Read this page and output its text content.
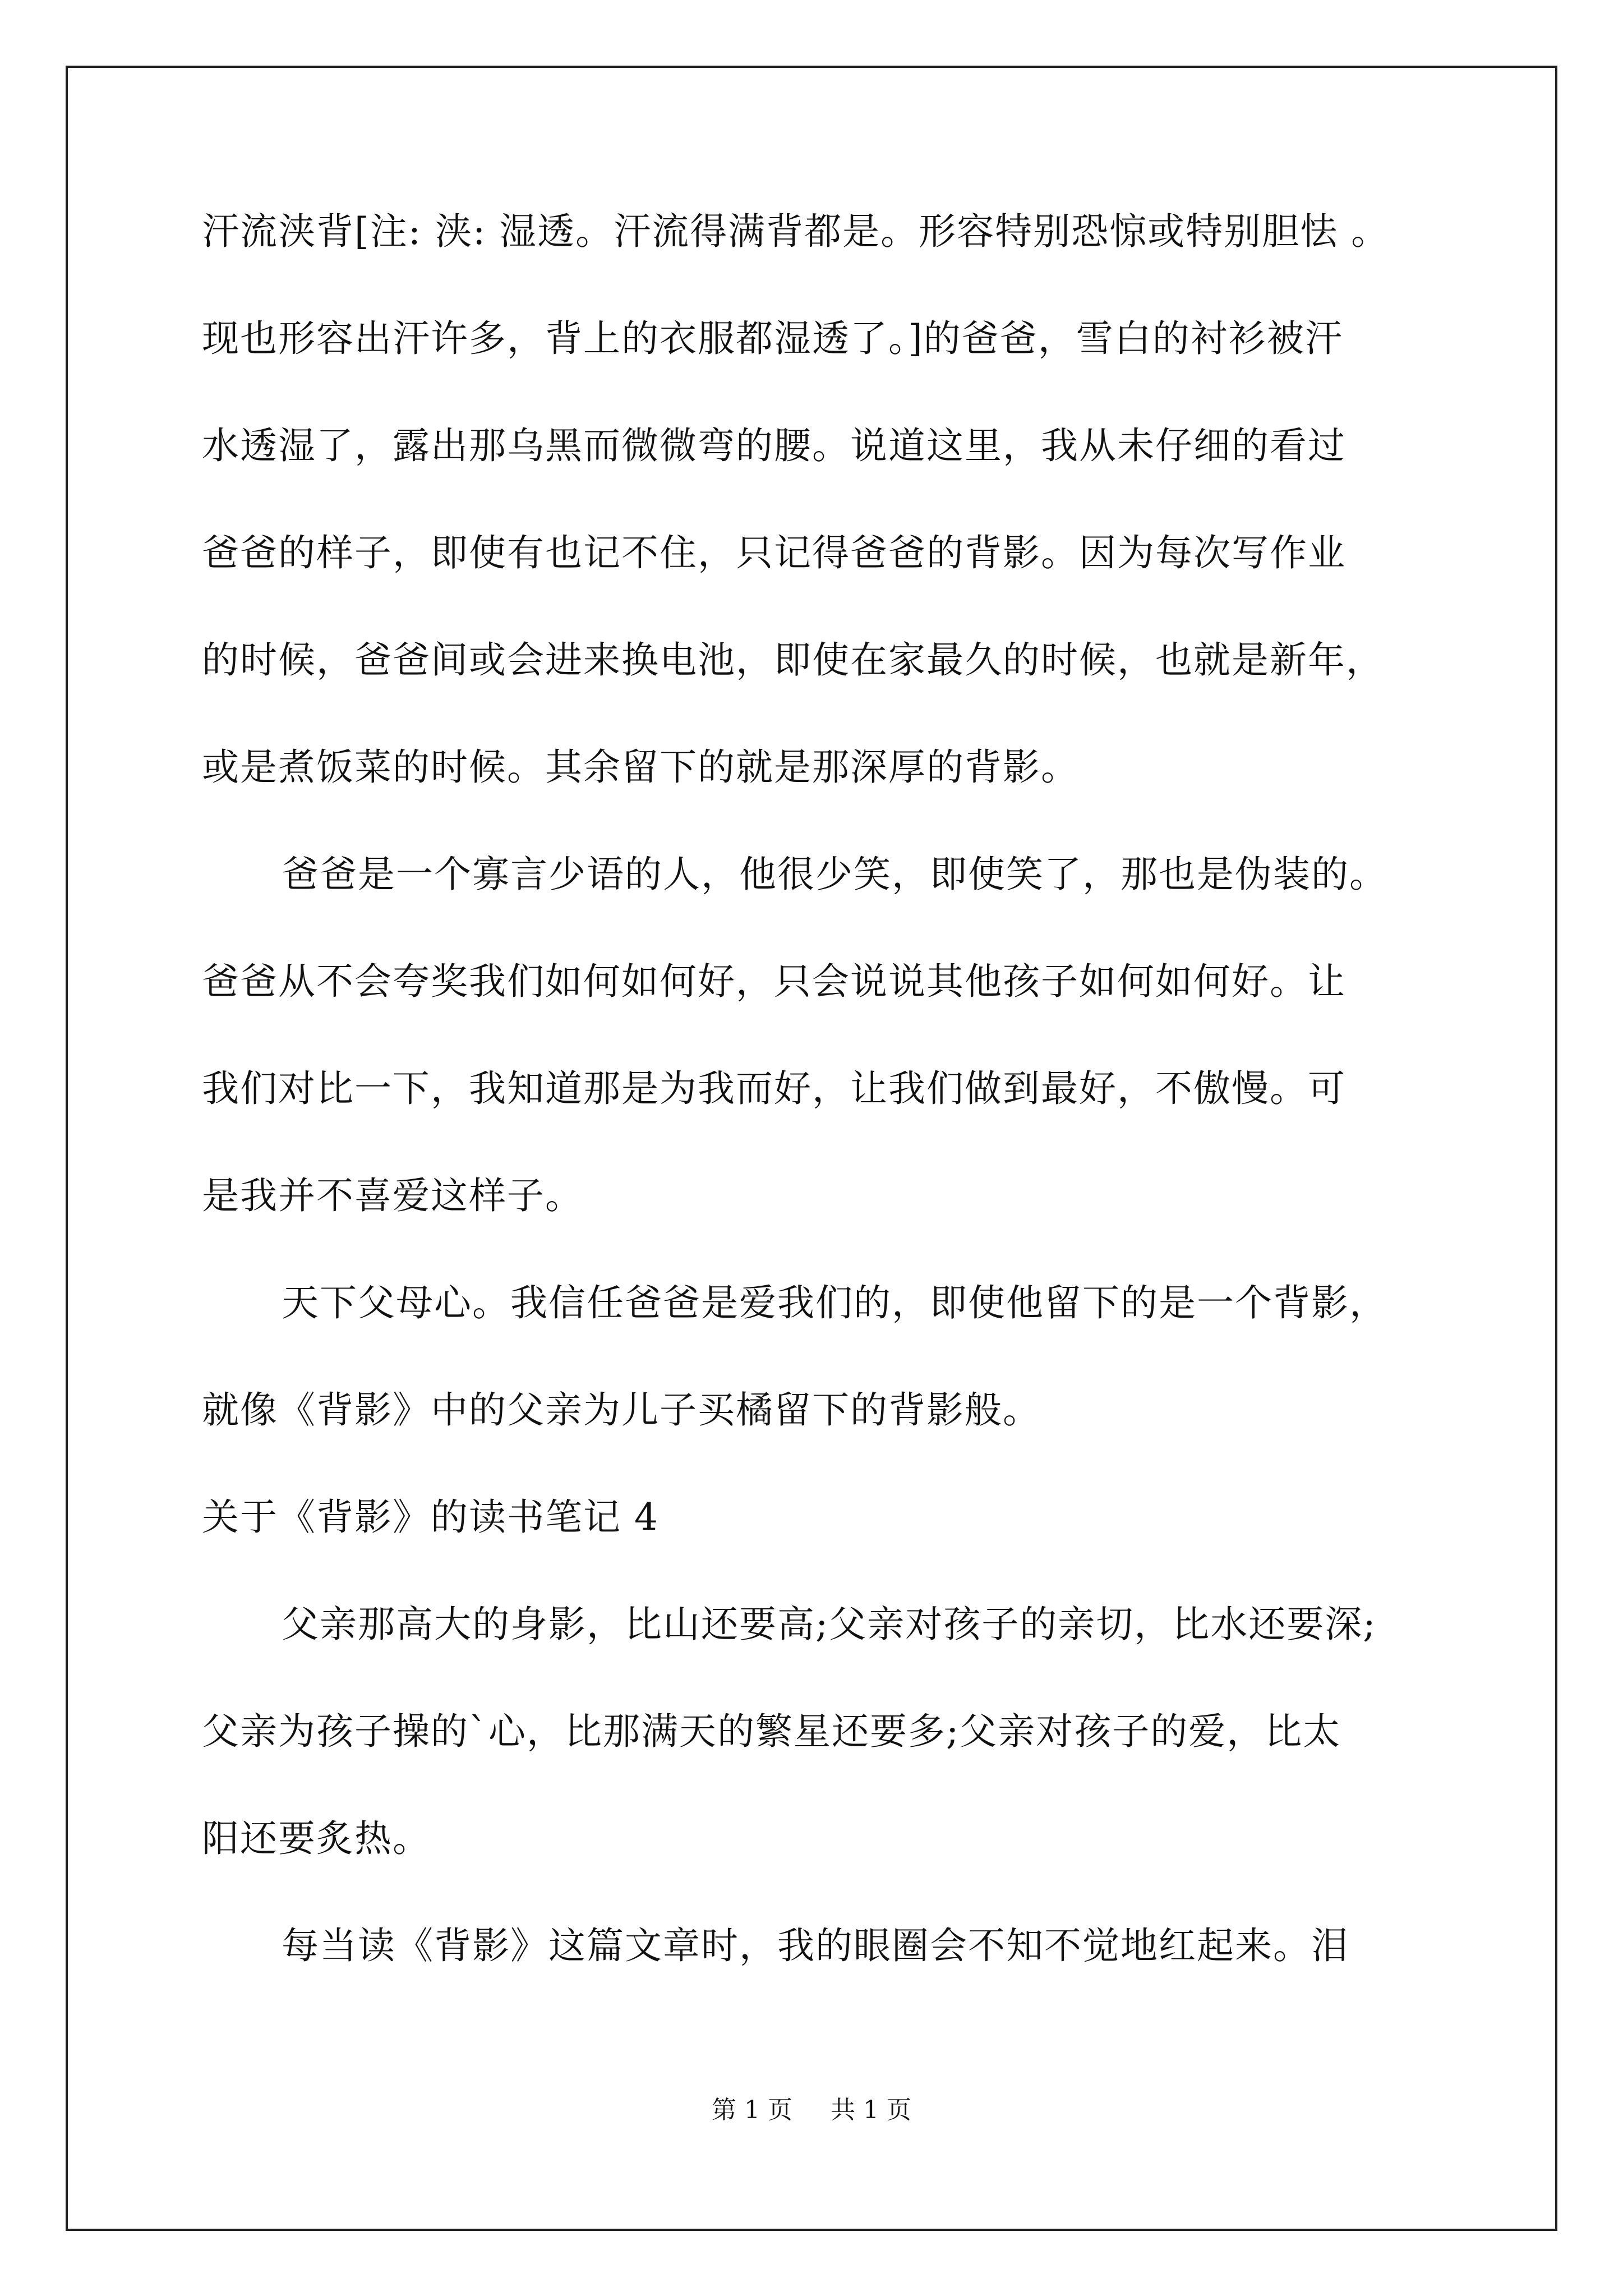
汗流浃背[注: 浃: 湿透。汗流得满背都是。形容特别恐惊或特别胆怯 。
现也形容出汗许多，背上的衣服都湿透了。]的爸爸，雪白的衬衫被汗
水透湿了，露出那乌黑而微微弯的腰。说道这里，我从未仔细的看过
爸爸的样子，即使有也记不住，只记得爸爸的背影。因为每次写作业
的时候，爸爸间或会进来换电池，即使在家最久的时候，也就是新年，
或是煮饭菜的时候。其余留下的就是那深厚的背影。
爸爸是一个寡言少语的人，他很少笑，即使笑了，那也是伪装的。
爸爸从不会夸奖我们如何如何好，只会说说其他孩子如何如何好。让
我们对比一下，我知道那是为我而好，让我们做到最好，不傲慢。可
是我并不喜爱这样子。
天下父母心。我信任爸爸是爱我们的，即使他留下的是一个背影，
就像《背影》中的父亲为儿子买橘留下的背影般。
关于《背影》的读书笔记 4
父亲那高大的身影，比山还要高;父亲对孩子的亲切，比水还要深;
父亲为孩子操的`心，比那满天的繁星还要多;父亲对孩子的爱，比太
阳还要炙热。
每当读《背影》这篇文章时，我的眼圈会不知不觉地红起来。泪
第 1 页 共 1 页
